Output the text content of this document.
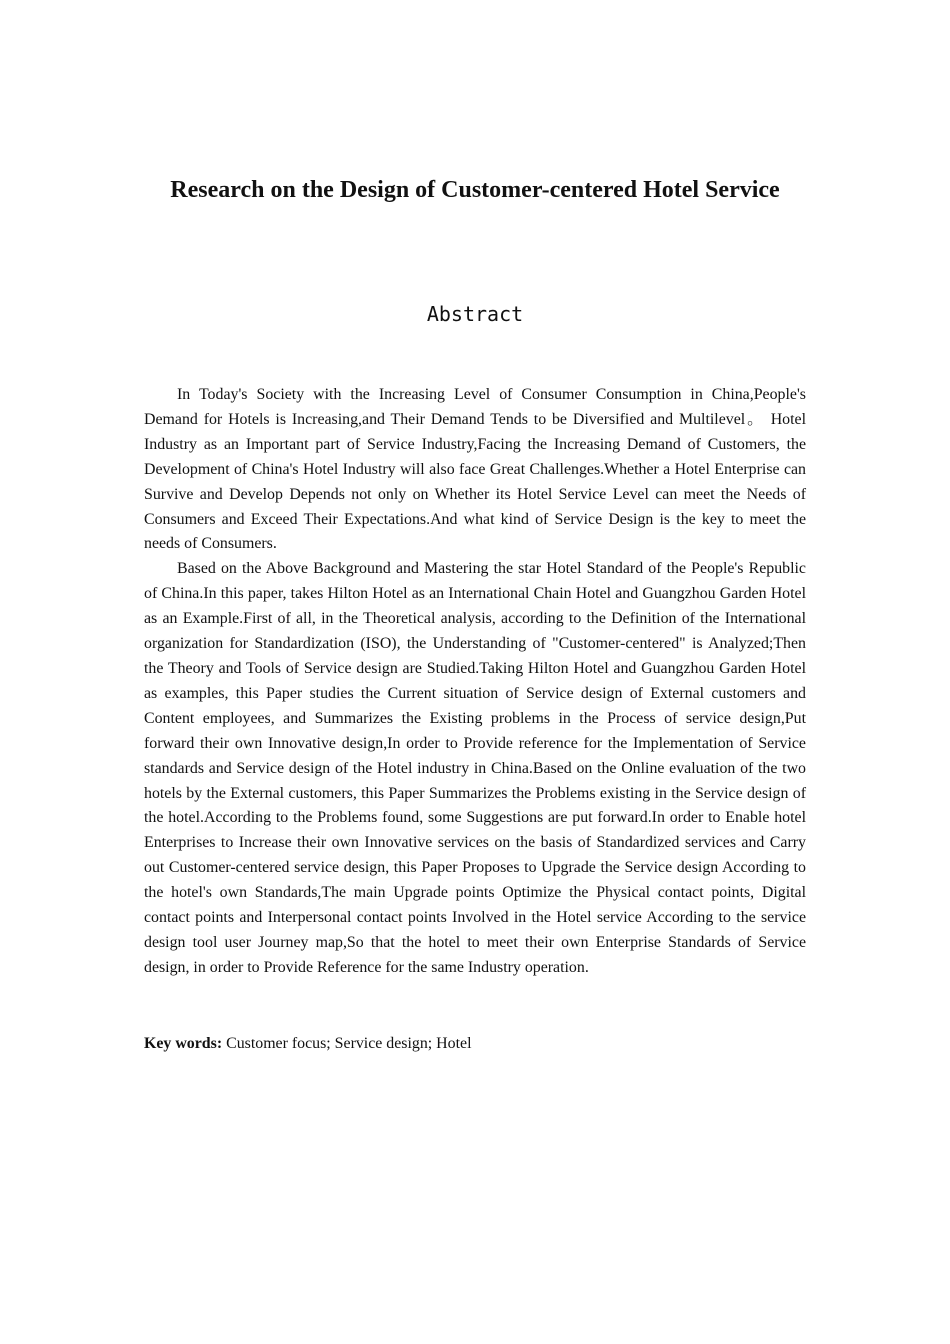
Research on the Design of Customer-centered Hotel Service
Abstract

In Today's Society with the Increasing Level of Consumer Consumption in China,People's Demand for Hotels is Increasing,and Their Demand Tends to be Diversified and Multilevel。 Hotel Industry as an Important part of Service Industry,Facing the Increasing Demand of Customers, the Development of China's Hotel Industry will also face Great Challenges.Whether a Hotel Enterprise can Survive and Develop Depends not only on Whether its Hotel Service Level can meet the Needs of Consumers and Exceed Their Expectations.And what kind of Service Design is the key to meet the needs of Consumers.

Based on the Above Background and Mastering the star Hotel Standard of the People's Republic of China.In this paper, takes Hilton Hotel as an International Chain Hotel and Guangzhou Garden Hotel as an Example.First of all, in the Theoretical analysis, according to the Definition of the International organization for Standardization (ISO), the Understanding of "Customer-centered" is Analyzed;Then the Theory and Tools of Service design are Studied.Taking Hilton Hotel and Guangzhou Garden Hotel as examples, this Paper studies the Current situation of Service design of External customers and Content employees, and Summarizes the Existing problems in the Process of service design,Put forward their own Innovative design,In order to Provide reference for the Implementation of Service standards and Service design of the Hotel industry in China.Based on the Online evaluation of the two hotels by the External customers, this Paper Summarizes the Problems existing in the Service design of the hotel.According to the Problems found, some Suggestions are put forward.In order to Enable hotel Enterprises to Increase their own Innovative services on the basis of Standardized services and Carry out Customer-centered service design, this Paper Proposes to Upgrade the Service design According to the hotel's own Standards,The main Upgrade points Optimize the Physical contact points, Digital contact points and Interpersonal contact points Involved in the Hotel service According to the service design tool user Journey map,So that the hotel to meet their own Enterprise Standards of Service design, in order to Provide Reference for the same Industry operation.

Key words: Customer focus; Service design; Hotel
